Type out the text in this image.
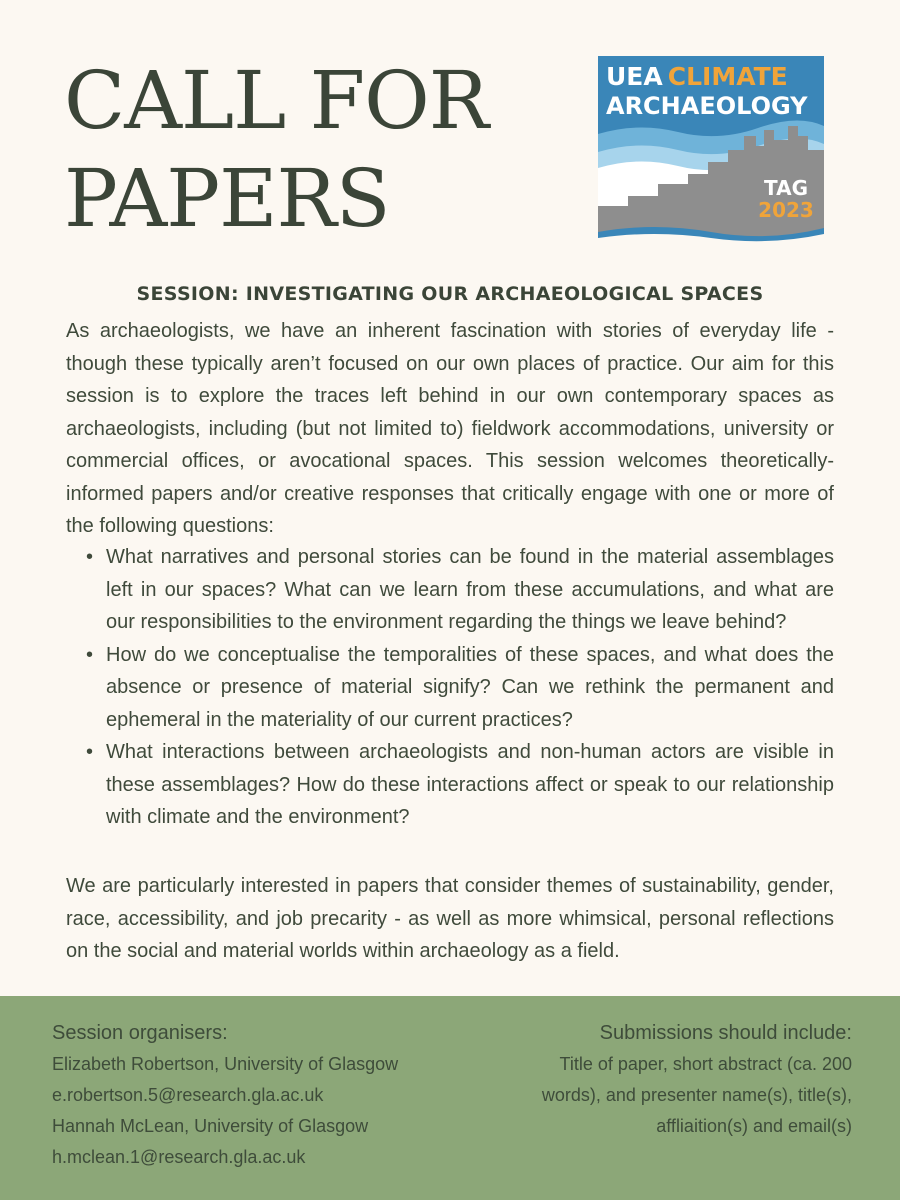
CALL FOR
PAPERS
UEA CLIMATE
ARCHAEOLOGY
TAG
2023
SESSION: INVESTIGATING OUR ARCHAEOLOGICAL SPACES

As archaeologists, we have an inherent fascination with stories of everyday life - though these typically aren’t focused on our own places of practice. Our aim for this session is to explore the traces left behind in our own contemporary spaces as archaeologists, including (but not limited to) fieldwork accommodations, university or commercial offices, or avocational spaces. This session welcomes theoretically-informed papers and/or creative responses that critically engage with one or more of the following questions:

• What narratives and personal stories can be found in the material assemblages left in our spaces? What can we learn from these accumulations, and what are our responsibilities to the environment regarding the things we leave behind?
• How do we conceptualise the temporalities of these spaces, and what does the absence or presence of material signify? Can we rethink the permanent and ephemeral in the materiality of our current practices?
• What interactions between archaeologists and non-human actors are visible in these assemblages? How do these interactions affect or speak to our relationship with climate and the environment?

We are particularly interested in papers that consider themes of sustainability, gender, race, accessibility, and job precarity - as well as more whimsical, personal reflections on the social and material worlds within archaeology as a field.

Session organisers:
Elizabeth Robertson, University of Glasgow
e.robertson.5@research.gla.ac.uk
Hannah McLean, University of Glasgow
h.mclean.1@research.gla.ac.uk
Submissions should include:
Title of paper, short abstract (ca. 200
words), and presenter name(s), title(s),
affliaition(s) and email(s)
